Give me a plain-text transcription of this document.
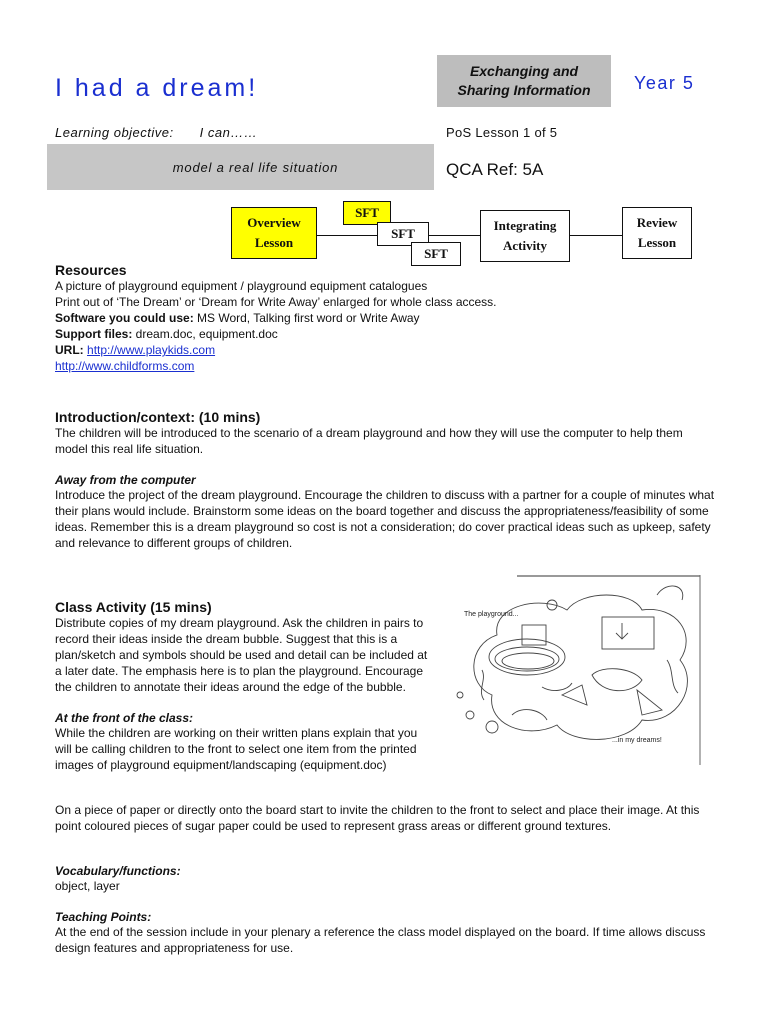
I had a dream!
Exchanging and
Sharing Information Year 5
Learning objective: I can……	PoS Lesson 1 of 5
model a real life situation	QCA Ref: 5A
Overview
Lesson
SFT
SFT
SFT
Integrating
Activity
Review
Lesson
Resources
A picture of playground equipment / playground equipment catalogues
Print out of ‘The Dream’ or ‘Dream for Write Away’ enlarged for whole class access.
Software you could use: MS Word, Talking first word or Write Away
Support files: dream.doc, equipment.doc
URL: http://www.playkids.com
http://www.childforms.com
Introduction/context: (10 mins)

The children will be introduced to the scenario of a dream playground and how they will use the computer to help them model this real life situation.

Away from the computer

Introduce the project of the dream playground. Encourage the children to discuss with a partner for a couple of minutes what their plans would include. Brainstorm some ideas on the board together and discuss the appropriateness/feasibility of some ideas. Remember this is a dream playground so cost is not a consideration; do cover practical ideas such as upkeep, safety and relevance to different groups of children.

The playground...
...in my dreams!
Class Activity (15 mins)

Distribute copies of my dream playground. Ask the children in pairs to record their ideas inside the dream bubble. Suggest that this is a plan/sketch and symbols should be used and detail can be included at a later date. The emphasis here is to plan the playground. Encourage the children to annotate their ideas around the edge of the bubble.

At the front of the class:

While the children are working on their written plans explain that you will be calling children to the front to select one item from the printed images of playground equipment/landscaping (equipment.doc)

On a piece of paper or directly onto the board start to invite the children to the front to select and place their image. At this point coloured pieces of sugar paper could be used to represent grass areas or different ground textures.

Vocabulary/functions:
object, layer
Teaching Points:

At the end of the session include in your plenary a reference the class model displayed on the board. If time allows discuss design features and appropriateness for use.
